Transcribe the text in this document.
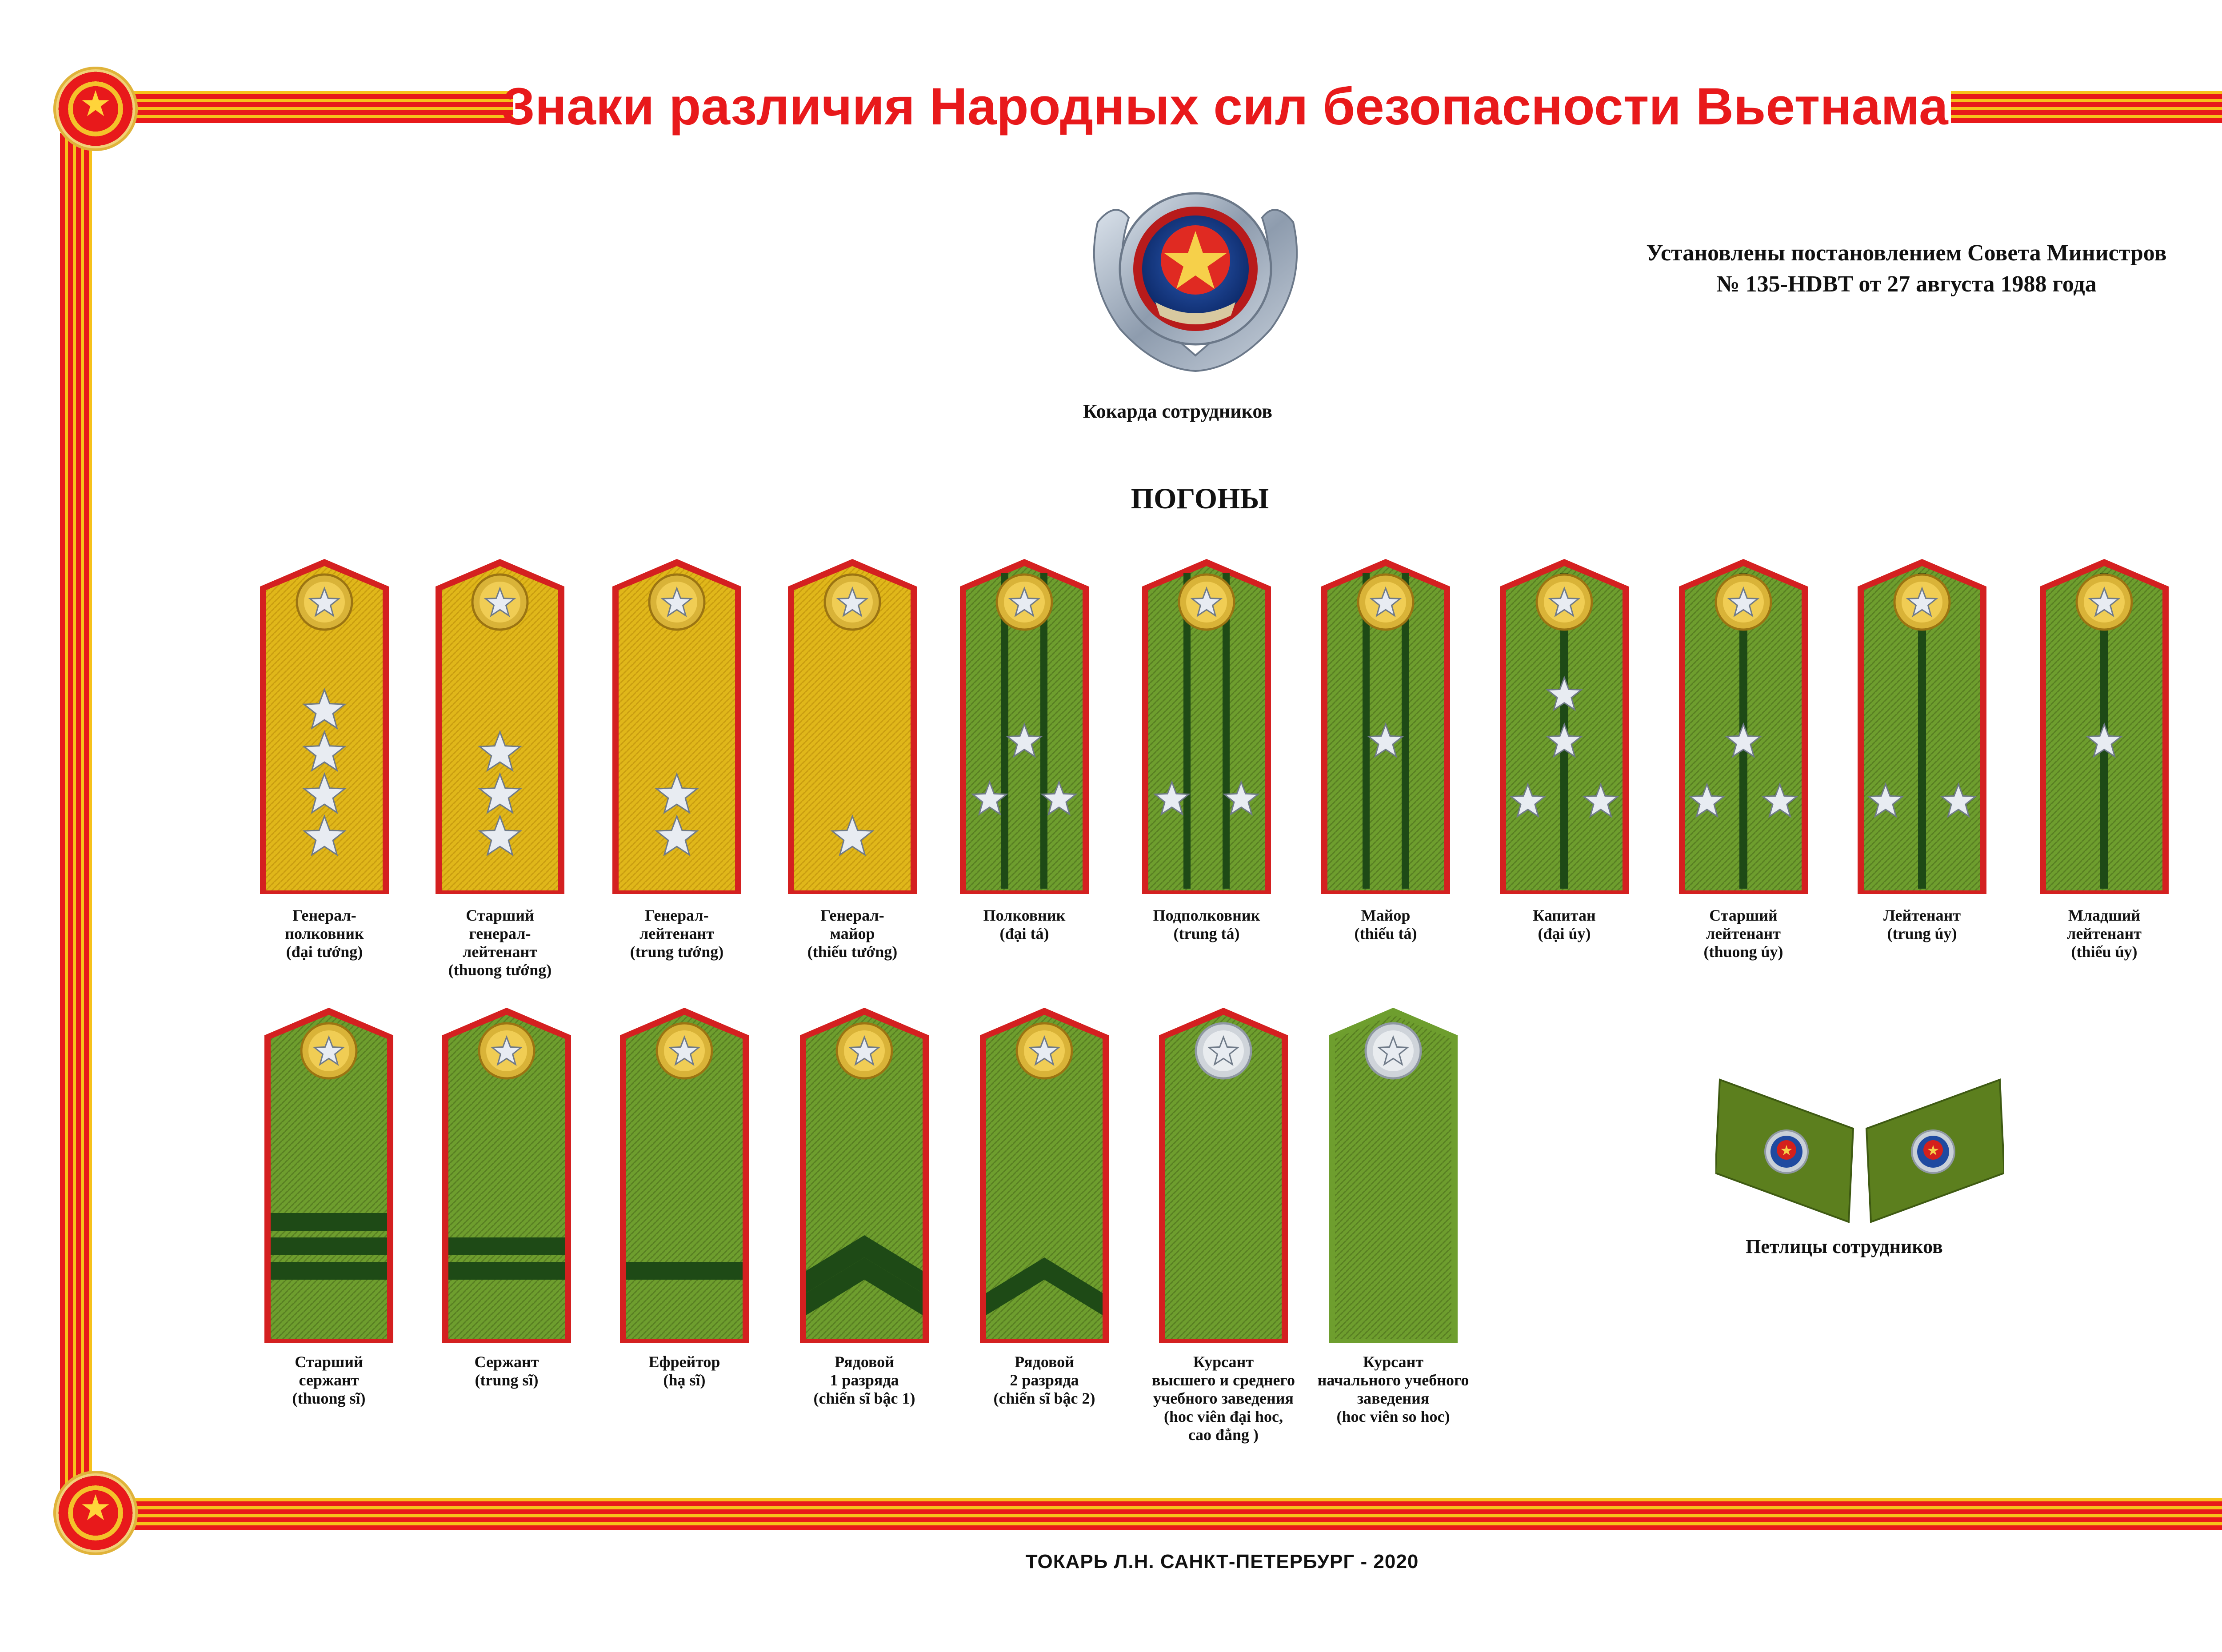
★
★
Знаки различия Народных сил безопасности Вьетнама
Кокарда сотрудников
Установлены постановлением Совета Министров
№ 135-HDBT от 27 августа 1988 года
ПОГОНЫ
Генерал-
полковник
(đại tướng)
Старший
генерал-
лейтенант
(thuong tướng)
Генерал-
лейтенант
(trung tướng)
Генерал-
майор
(thiếu tướng)
Полковник
(đại tá)
Подполковник
(trung tá)
Майор
(thiếu tá)
Капитан
(đại úy)
Старший
лейтенант
(thuong úy)
Лейтенант
(trung úy)
Младший
лейтенант
(thiếu úy)
Старший
сержант
(thuong sĩ)
Сержант
(trung sĩ)
Ефрейтор
(hạ sĩ)
Рядовой
1 разряда
(chiến sĩ bậc 1)
Рядовой
2 разряда
(chiến sĩ bậc 2)
Курсант
высшего и среднего
учебного заведения
(hoc viên đại hoc,
cao đẳng )
Курсант
начального учебного
заведения
(hoc viên so hoc)
★	★
Петлицы сотрудников
ТОКАРЬ Л.Н. САНКТ-ПЕТЕРБУРГ - 2020
